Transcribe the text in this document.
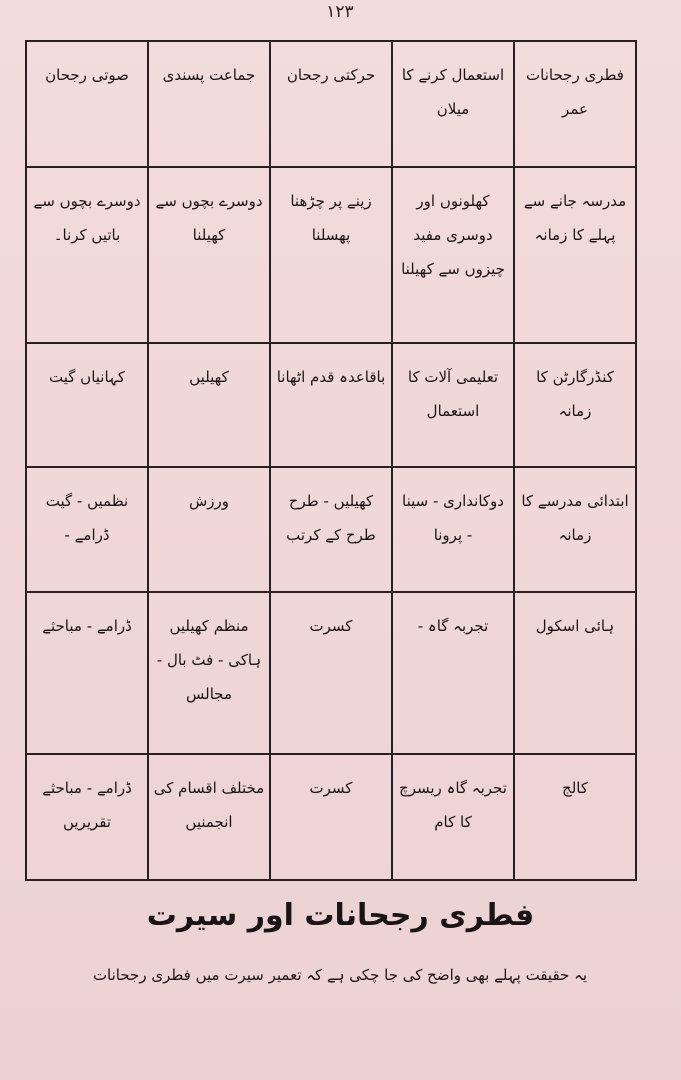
۱۲۳
فطری رجحانات عمر	استعمال کرنے کا میلان	حرکتی رجحان	جماعت پسندی	صوتی رجحان

مدرسہ جانے سے پہلے کا زمانہ	کھلونوں اور دوسری مفید چیزوں سے کھیلنا	زینے پر چڑھنا پھسلنا	دوسرے بچوں سے کھیلنا	دوسرے بچوں سے باتیں کرنا۔

کنڈرگارٹن کا زمانہ	تعلیمی آلات کا استعمال	باقاعدہ قدم اٹھانا	کھیلیں	کہانیاں گیت

ابتدائی مدرسے کا زمانہ	دوکانداری - سینا - پرونا	کھیلیں - طرح طرح کے کرتب	ورزش	نظمیں - گیت ڈرامے -

ہائی اسکول	تجربہ گاہ -	کسرت	منظم کھیلیں ہاکی - فٹ بال - مجالس	ڈرامے - مباحثے

کالج	تجربہ گاہ ریسرچ کا کام	کسرت	مختلف اقسام کی انجمنیں	ڈرامے - مباحثے تقریریں
فطری رجحانات اور سیرت
یہ حقیقت پہلے بھی واضح کی جا چکی ہے کہ تعمیر سیرت میں فطری رجحانات
